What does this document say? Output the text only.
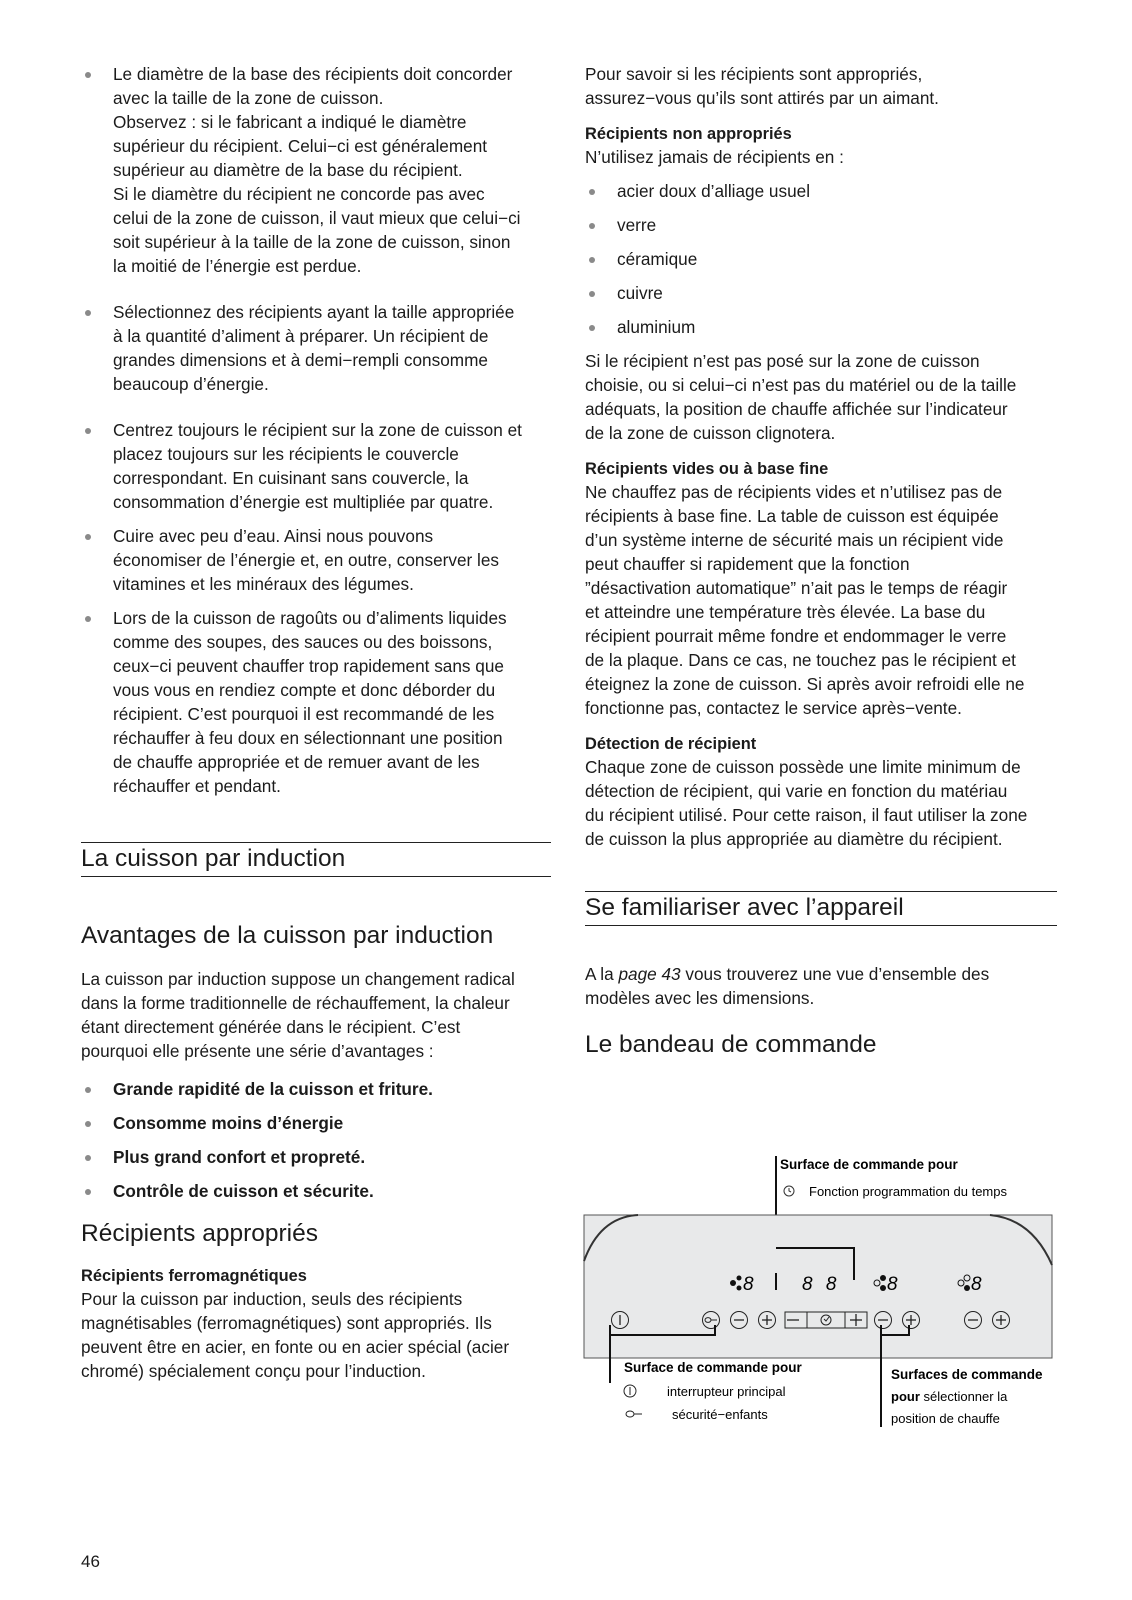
Le diamètre de la base des récipients doit concorder
avec la taille de la zone de cuisson.
Observez : si le fabricant a indiqué le diamètre
supérieur du récipient. Celui−ci est généralement
supérieur au diamètre de la base du récipient.
Si le diamètre du récipient ne concorde pas avec
celui de la zone de cuisson, il vaut mieux que celui−ci
soit supérieur à la taille de la zone de cuisson, sinon
la moitié de l’énergie est perdue.
Sélectionnez des récipients ayant la taille appropriée
à la quantité d’aliment à préparer. Un récipient de
grandes dimensions et à demi−rempli consomme
beaucoup d’énergie.
Centrez toujours le récipient sur la zone de cuisson et
placez toujours sur les récipients le couvercle
correspondant. En cuisinant sans couvercle, la
consommation d’énergie est multipliée par quatre.
Cuire avec peu d’eau. Ainsi nous pouvons
économiser de l’énergie et, en outre, conserver les
vitamines et les minéraux des légumes.
Lors de la cuisson de ragoûts ou d’aliments liquides
comme des soupes, des sauces ou des boissons,
ceux−ci peuvent chauffer trop rapidement sans que
vous vous en rendiez compte et donc déborder du
récipient. C’est pourquoi il est recommandé de les
réchauffer à feu doux en sélectionnant une position
de chauffe appropriée et de remuer avant de les
réchauffer et pendant.
La cuisson par induction
Avantages de la cuisson par induction

La cuisson par induction suppose un changement radical
dans la forme traditionnelle de réchauffement, la chaleur
étant directement générée dans le récipient. C’est
pourquoi elle présente une série d’avantages :

Grande rapidité de la cuisson et friture.
Consomme moins d’énergie
Plus grand confort et propreté.
Contrôle de cuisson et sécurite.
Récipients appropriés

Récipients ferromagnétiques

Pour la cuisson par induction, seuls des récipients
magnétisables (ferromagnétiques) sont appropriés. Ils
peuvent être en acier, en fonte ou en acier spécial (acier
chromé) spécialement conçu pour l’induction.

Pour savoir si les récipients sont appropriés,
assurez−vous qu’ils sont attirés par un aimant.

Récipients non appropriés

N’utilisez jamais de récipients en :

acier doux d’alliage usuel
verre
céramique
cuivre
aluminium

Si le récipient n’est pas posé sur la zone de cuisson
choisie, ou si celui−ci n’est pas du matériel ou de la taille
adéquats, la position de chauffe affichée sur l’indicateur
de la zone de cuisson clignotera.

Récipients vides ou à base fine

Ne chauffez pas de récipients vides et n’utilisez pas de
récipients à base fine. La table de cuisson est équipée
d’un système interne de sécurité mais un récipient vide
peut chauffer si rapidement que la fonction
”désactivation automatique” n’ait pas le temps de réagir
et atteindre une température très élevée. La base du
récipient pourrait même fondre et endommager le verre
de la plaque. Dans ce cas, ne touchez pas le récipient et
éteignez la zone de cuisson. Si après avoir refroidi elle ne
fonctionne pas, contactez le service après−vente.

Détection de récipient

Chaque zone de cuisson possède une limite minimum de
détection de récipient, qui varie en fonction du matériau
du récipient utilisé. Pour cette raison, il faut utiliser la zone
de cuisson la plus appropriée au diamètre du récipient.

Se familiariser avec l’appareil

A la page 43 vous trouverez une vue d’ensemble des
modèles avec les dimensions.

Le bandeau de commande
Surface de commande pour
Fonction programmation du temps
8	8 8 8	8
Surface de commande pour
interrupteur principal
sécurité−enfants
Surfaces de commande
pour sélectionner la
position de chauffe
46
